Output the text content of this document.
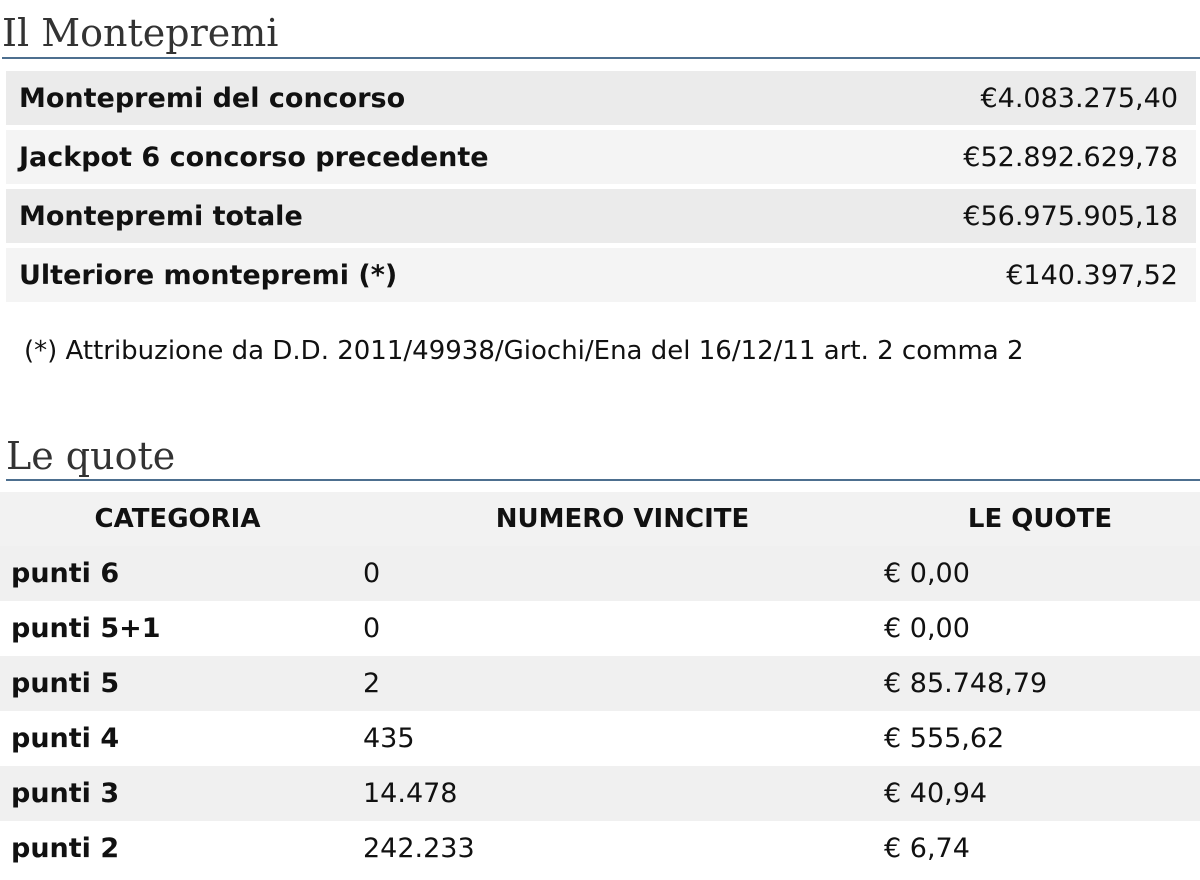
Il Montepremi
Montepremi del concorso	€4.083.275,40
Jackpot 6 concorso precedente	€52.892.629,78
Montepremi totale	€56.975.905,18
Ulteriore montepremi (*)	€140.397,52
(*) Attribuzione da D.D. 2011/49938/Giochi/Ena del 16/12/11 art. 2 comma 2
Le quote
CATEGORIA	NUMERO VINCITE	LE QUOTE
punti 6	0	€ 0,00
punti 5+1	0	€ 0,00
punti 5	2	€ 85.748,79
punti 4	435	€ 555,62
punti 3	14.478	€ 40,94
punti 2	242.233	€ 6,74
